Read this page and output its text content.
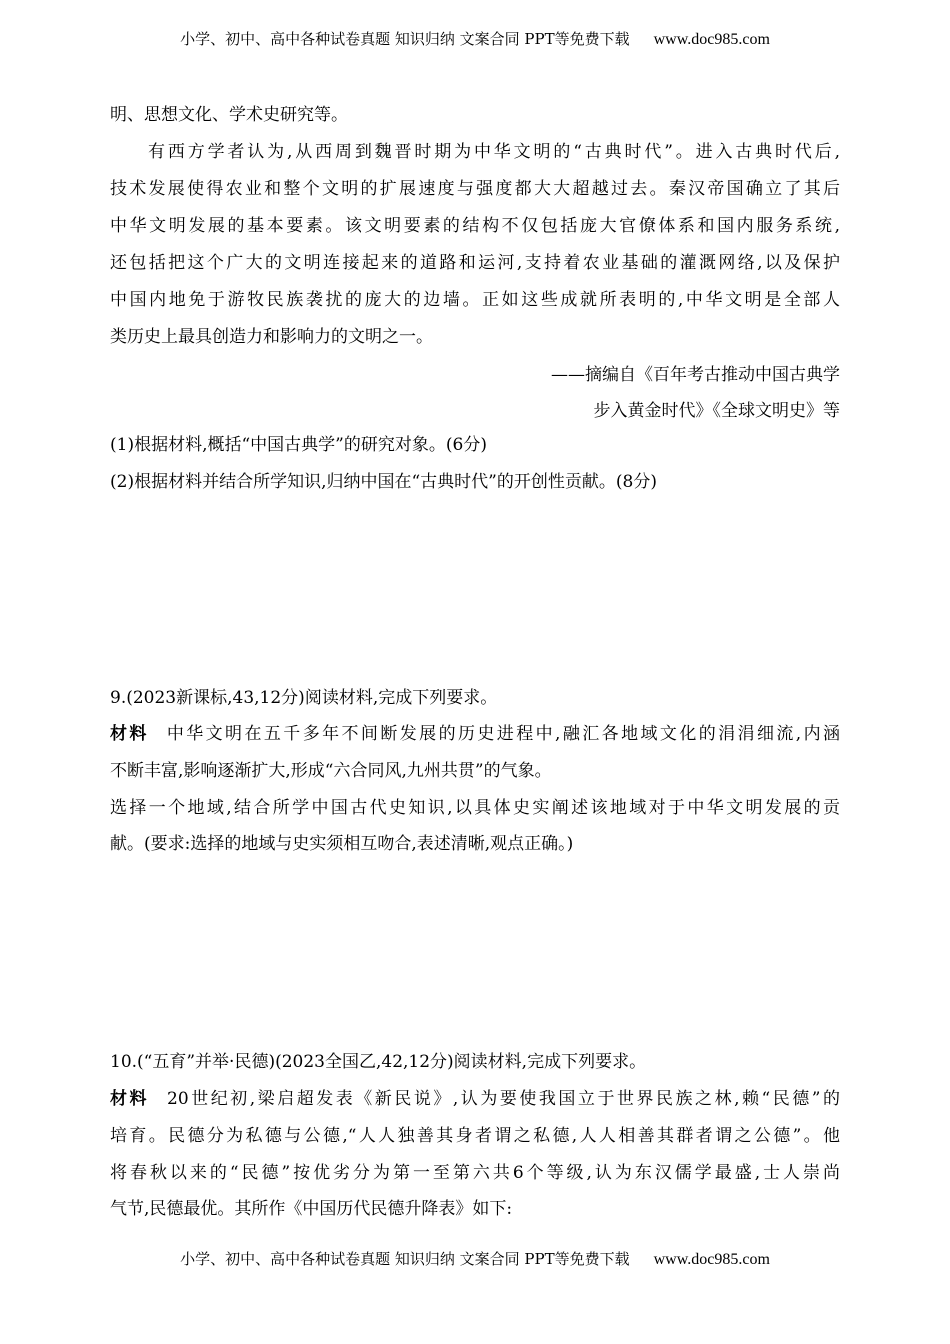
小学、初中、高中各种试卷真题 知识归纳 文案合同 PPT等免费下载 www.doc985.com
明、思想文化、学术史研究等。
有西方学者认为,从西周到魏晋时期为中华文明的“古典时代”。进入古典时代后,
技术发展使得农业和整个文明的扩展速度与强度都大大超越过去。秦汉帝国确立了其后
中华文明发展的基本要素。该文明要素的结构不仅包括庞大官僚体系和国内服务系统,
还包括把这个广大的文明连接起来的道路和运河,支持着农业基础的灌溉网络,以及保护
中国内地免于游牧民族袭扰的庞大的边墙。正如这些成就所表明的,中华文明是全部人
类历史上最具创造力和影响力的文明之一。
——摘编自《百年考古推动中国古典学
步入黄金时代》《全球文明史》等
(1)根据材料,概括“中国古典学”的研究对象。(6分)
(2)根据材料并结合所学知识,归纳中国在“古典时代”的开创性贡献。(8分)
9.(2023新课标,43,12分)阅读材料,完成下列要求。
材料 中华文明在五千多年不间断发展的历史进程中,融汇各地域文化的涓涓细流,内涵
不断丰富,影响逐渐扩大,形成“六合同风,九州共贯”的气象。
选择一个地域,结合所学中国古代史知识,以具体史实阐述该地域对于中华文明发展的贡
献。(要求:选择的地域与史实须相互吻合,表述清晰,观点正确。)
10.(“五育”并举·民德)(2023全国乙,42,12分)阅读材料,完成下列要求。
材料 20世纪初,梁启超发表《新民说》,认为要使我国立于世界民族之林,赖“民德”的
培育。民德分为私德与公德,“人人独善其身者谓之私德,人人相善其群者谓之公德”。他
将春秋以来的“民德”按优劣分为第一至第六共6个等级,认为东汉儒学最盛,士人崇尚
气节,民德最优。其所作《中国历代民德升降表》如下:
小学、初中、高中各种试卷真题 知识归纳 文案合同 PPT等免费下载 www.doc985.com
